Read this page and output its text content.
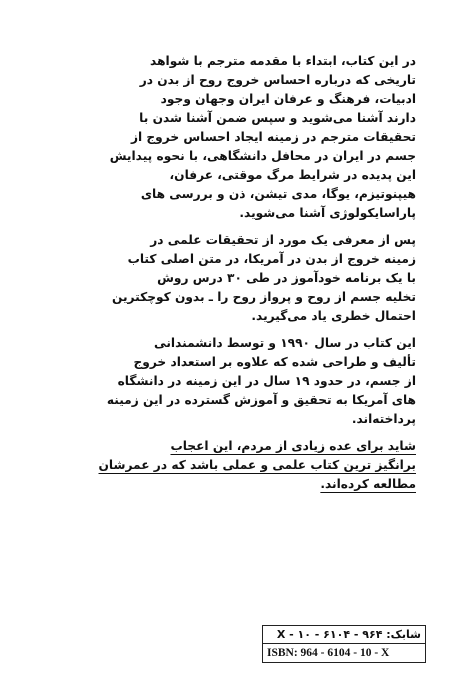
در این کتاب، ابتداء با مقدمه مترجم با شواهد
تاریخی که درباره احساس خروج روح از بدن در
ادبیات، فرهنگ و عرفان ایران وجهان وجود
دارند آشنا می‌شوید و سپس ضمن آشنا شدن با
تحقیقات مترجم در زمینه ایجاد احساس خروج از
جسم در ایران در محافل دانشگاهی، با نحوه پیدایش
این پدیده در شرایط مرگ موقتی، عرفان،
هیپنوتیزم، یوگا، مدی تیشن، ذن و بررسی های
پاراسایکولوژی آشنا می‌شوید.
پس از معرفی یک مورد از تحقیقات علمی در
زمینه خروج از بدن در آمریکا، در متن اصلی کتاب
با یک برنامه خودآموز در طی ۳۰ درس روش
تخلیه جسم از روح و پرواز روح را ـ بدون کوچکترین
احتمال خطری یاد می‌گیرید.
این کتاب در سال ۱۹۹۰ و توسط دانشمندانی
تألیف و طراحی شده که علاوه بر استعداد خروج
از جسم، در حدود ۱۹ سال در این زمینه در دانشگاه
های آمریکا به تحقیق و آموزش گسترده در این زمینه
پرداخته‌اند.
شاید برای عده زیادی از مردم، این اعجاب
برانگیز ترین کتاب علمی و عملی باشد که در عمرشان
مطالعه کرده‌اند.
شابک: X - ۱۰ - ۶۱۰۴ - ۹۶۴
ISBN: 964 - 6104 - 10 - X
